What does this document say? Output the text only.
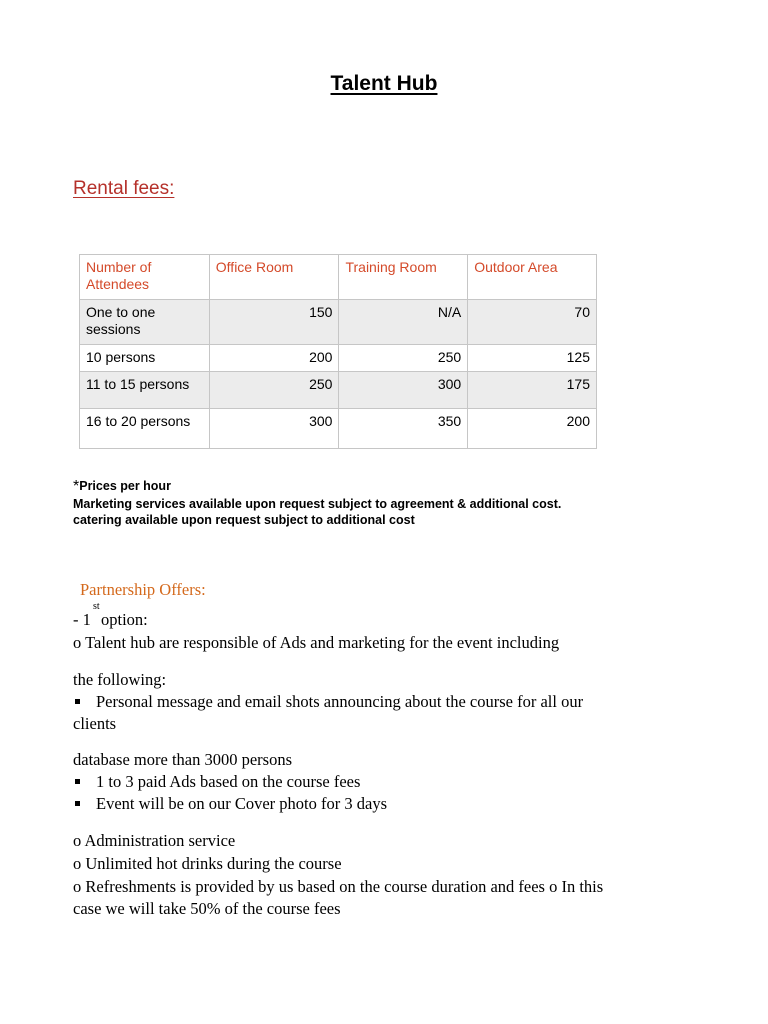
Talent Hub
Rental fees:
Number of Attendees	Office Room	Training Room	Outdoor Area
One to one sessions	150	N/A	70
10 persons	200	250	125
11 to 15 persons	250	300	175
16 to 20 persons	300	350	200
*Prices per hour
Marketing services available upon request subject to agreement & additional cost.
catering available upon request subject to additional cost
Partnership Offers:
st
- 1 option:
o Talent hub are responsible of Ads and marketing for the event including
the following:
Personal message and email shots announcing about the course for all our
clients
database more than 3000 persons
1 to 3 paid Ads based on the course fees
Event will be on our Cover photo for 3 days
o Administration service
o Unlimited hot drinks during the course
o Refreshments is provided by us based on the course duration and fees o In this
case we will take 50% of the course fees
